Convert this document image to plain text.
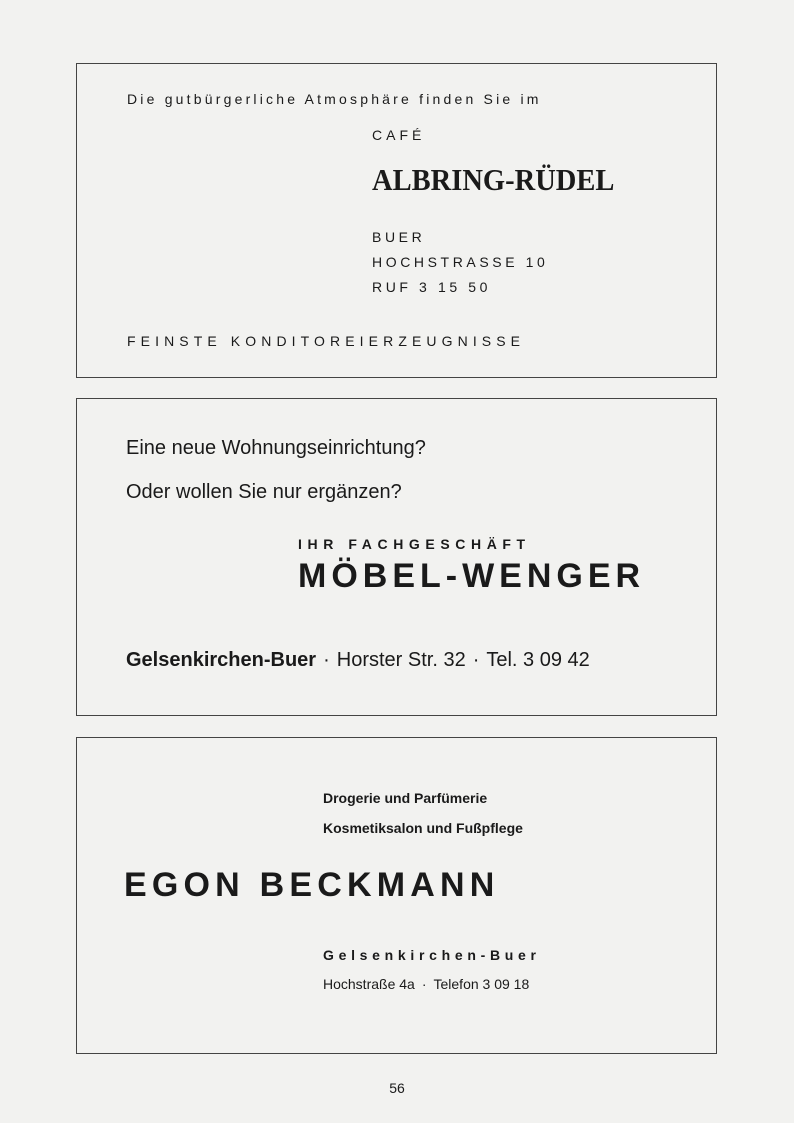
Die gutbürgerliche Atmosphäre finden Sie im
CAFÉ
ALBRING-RÜDEL
BUER
HOCHSTRASSE 10
RUF 3 15 50
FEINSTE KONDITOREIERZEUGNISSE
Eine neue Wohnungseinrichtung?
Oder wollen Sie nur ergänzen?
IHR FACHGESCHÄFT
MÖBEL-WENGER
Gelsenkirchen-Buer · Horster Str. 32 · Tel. 3 09 42
Drogerie und Parfümerie
Kosmetiksalon und Fußpflege
EGON BECKMANN
Gelsenkirchen-Buer
Hochstraße 4a · Telefon 3 09 18
56
